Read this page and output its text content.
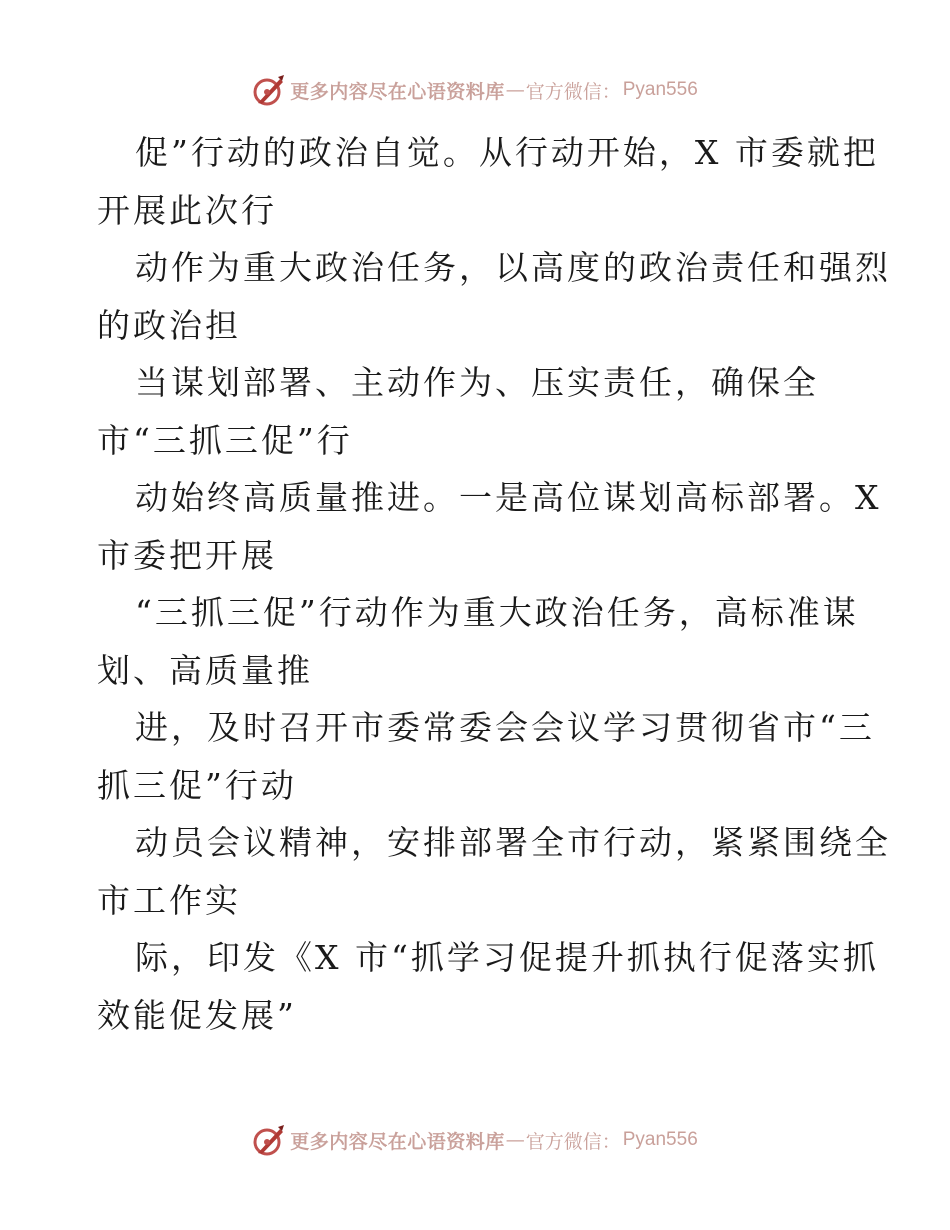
更多内容尽在心语资料库 — 官方微信： Pyan556
促”行动的政治自觉。从行动开始，X 市委就把
开展此次行
动作为重大政治任务，以高度的政治责任和强烈
的政治担
当谋划部署、主动作为、压实责任，确保全
市“三抓三促”行
动始终高质量推进。一是高位谋划高标部署。X
市委把开展
“三抓三促”行动作为重大政治任务，高标准谋
划、高质量推
进，及时召开市委常委会会议学习贯彻省市“三
抓三促”行动
动员会议精神，安排部署全市行动，紧紧围绕全
市工作实
际，印发《X 市“抓学习促提升抓执行促落实抓
效能促发展”
更多内容尽在心语资料库 — 官方微信： Pyan556
